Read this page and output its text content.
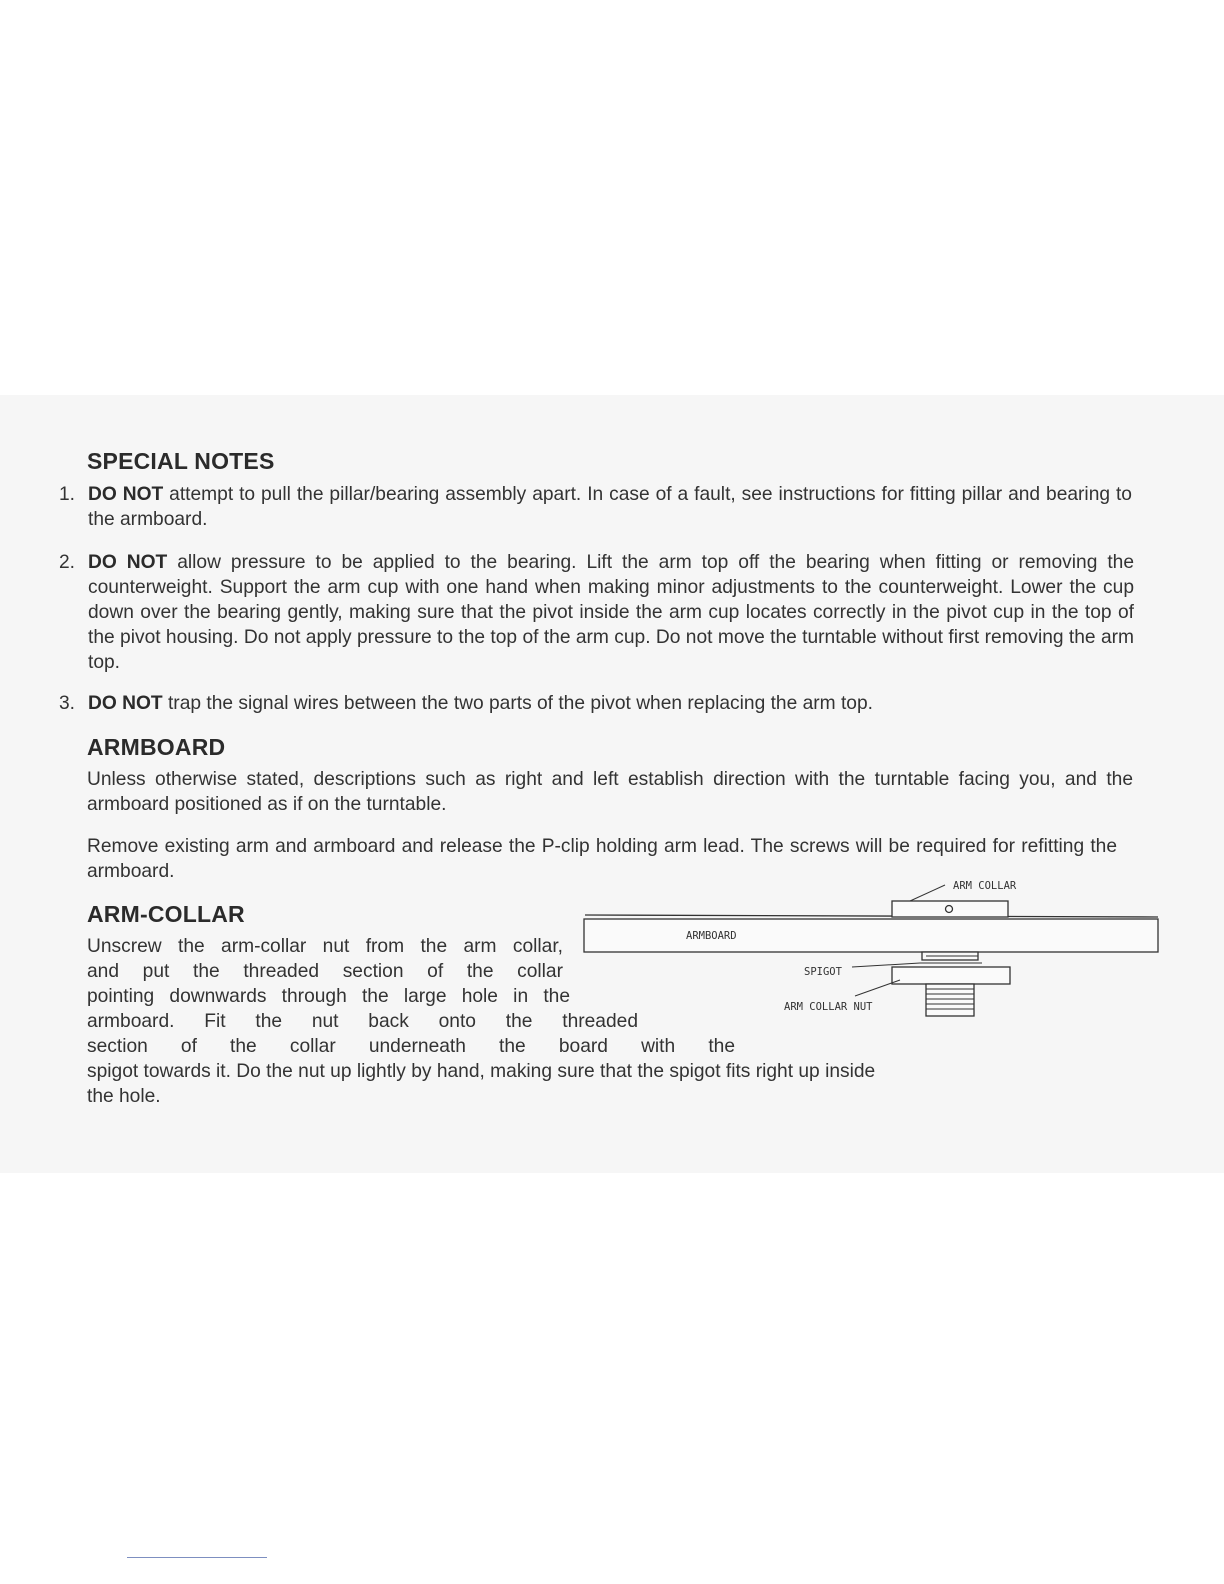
SPECIAL NOTES
1. DO NOT attempt to pull the pillar/bearing assembly apart. In case of a fault, see instructions for fitting pillar and bearing to the armboard.

2. DO NOT allow pressure to be applied to the bearing. Lift the arm top off the bearing when fitting or removing the counterweight. Support the arm cup with one hand when making minor adjustments to the counterweight. Lower the cup down over the bearing gently, making sure that the pivot inside the arm cup locates correctly in the pivot cup in the top of the pivot housing. Do not apply pressure to the top of the arm cup. Do not move the turntable without first removing the arm top.

3. DO NOT trap the signal wires between the two parts of the pivot when replacing the arm top.

ARMBOARD

Unless otherwise stated, descriptions such as right and left establish direction with the turntable facing you, and the armboard positioned as if on the turntable.

Remove existing arm and armboard and release the P-clip holding arm lead. The screws will be required for refitting the armboard.

ARM-COLLAR

Unscrew the arm-collar nut from the arm collar,
and put the threaded section of the collar
pointing downwards through the large hole in the
armboard. Fit the nut back onto the threaded
section of the collar underneath the board with the
spigot towards it. Do the nut up lightly by hand, making sure that the spigot fits right up inside the hole.

ARM COLLAR
ARMBOARD
SPIGOT
ARM COLLAR NUT
